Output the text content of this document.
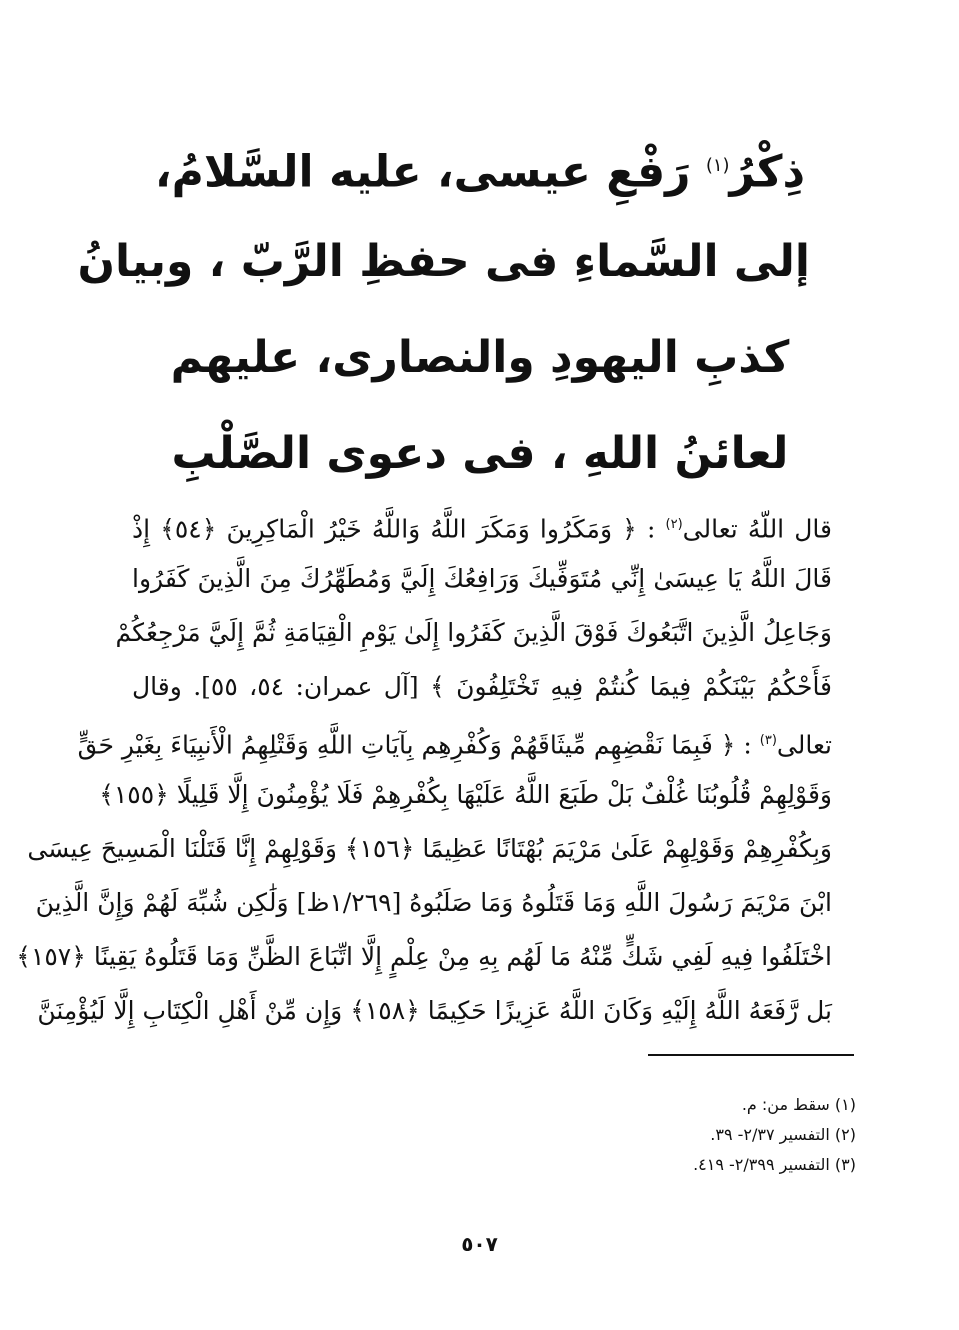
ذِكْرُ$^{(١)}$ رَفْعِ عيسى، عليه السَّلامُ،
إلى السَّماءِ فى حفظِ الرَّبّ ، وبيانُ
كذبِ اليهودِ والنصارى، عليهم
لعائنُ اللهِ ، فى دعوى الصَّلْبِ
قال اللّهُ تعالى$^{(٢)}$ : ﴿ وَمَكَرُوا وَمَكَرَ اللَّهُ وَاللَّهُ خَيْرُ الْمَاكِرِينَ ﴿٥٤﴾ إِذْ
قَالَ اللَّهُ يَا عِيسَىٰ إِنِّي مُتَوَفِّيكَ وَرَافِعُكَ إِلَيَّ وَمُطَهِّرُكَ مِنَ الَّذِينَ كَفَرُوا
وَجَاعِلُ الَّذِينَ اتَّبَعُوكَ فَوْقَ الَّذِينَ كَفَرُوا إِلَىٰ يَوْمِ الْقِيَامَةِ ثُمَّ إِلَيَّ مَرْجِعُكُمْ
فَأَحْكُمُ بَيْنَكُمْ فِيمَا كُنتُمْ فِيهِ تَخْتَلِفُونَ ﴾ [آل عمران: ٥٤، ٥٥]. وقال
تعالى$^{(٣)}$ : ﴿ فَبِمَا نَقْضِهِم مِّيثَاقَهُمْ وَكُفْرِهِم بِآيَاتِ اللَّهِ وَقَتْلِهِمُ الْأَنبِيَاءَ بِغَيْرِ حَقٍّ
وَقَوْلِهِمْ قُلُوبُنَا غُلْفٌ بَلْ طَبَعَ اللَّهُ عَلَيْهَا بِكُفْرِهِمْ فَلَا يُؤْمِنُونَ إِلَّا قَلِيلًا ﴿١٥٥﴾
وَبِكُفْرِهِمْ وَقَوْلِهِمْ عَلَىٰ مَرْيَمَ بُهْتَانًا عَظِيمًا ﴿١٥٦﴾ وَقَوْلِهِمْ إِنَّا قَتَلْنَا الْمَسِيحَ عِيسَى
ابْنَ مَرْيَمَ رَسُولَ اللَّهِ وَمَا قَتَلُوهُ وَمَا صَلَبُوهُ [١/٢٦٩ظ] وَلَٰكِن شُبِّهَ لَهُمْ وَإِنَّ الَّذِينَ
اخْتَلَفُوا فِيهِ لَفِي شَكٍّ مِّنْهُ مَا لَهُم بِهِ مِنْ عِلْمٍ إِلَّا اتِّبَاعَ الظَّنِّ وَمَا قَتَلُوهُ يَقِينًا ﴿١٥٧﴾
بَل رَّفَعَهُ اللَّهُ إِلَيْهِ وَكَانَ اللَّهُ عَزِيزًا حَكِيمًا ﴿١٥٨﴾ وَإِن مِّنْ أَهْلِ الْكِتَابِ إِلَّا لَيُؤْمِنَنَّ
(١) سقط من: م.
(٢) التفسير ٢/٣٧- ٣٩.
(٣) التفسير ٢/٣٩٩- ٤١٩.
٥٠٧
